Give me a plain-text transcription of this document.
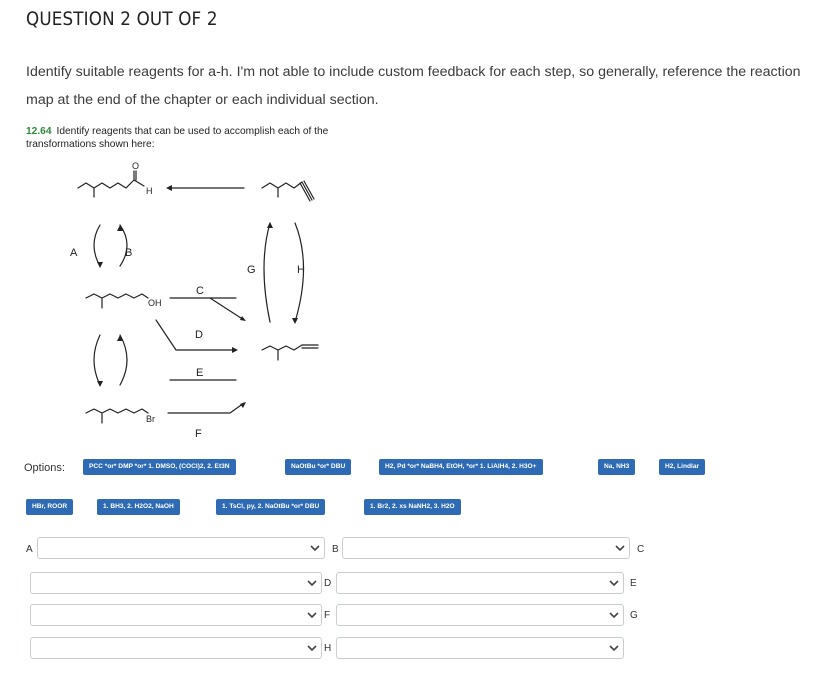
QUESTION 2 OUT OF 2
Identify suitable reagents for a-h. I'm not able to include custom feedback for each step, so generally, reference the reaction map at the end of the chapter or each individual section.
12.64 Identify reagents that can be used to accomplish each of the transformations shown here:
O
H
OH
Br
A	B
C
D
E
F
G	H
Options:	PCC *or* DMP *or* 1. DMSO, (COCl)2, 2. Et3N	NaOtBu *or* DBU	H2, Pd *or* NaBH4, EtOH, *or* 1. LiAlH4, 2. H3O+	Na, NH3	H2, Lindlar
HBr, ROOR	1. BH3, 2. H2O2, NaOH	1. TsCl, py, 2. NaOtBu *or* DBU	1. Br2, 2. xs NaNH2, 3. H2O
A	B	C
D	E
F	G
H
